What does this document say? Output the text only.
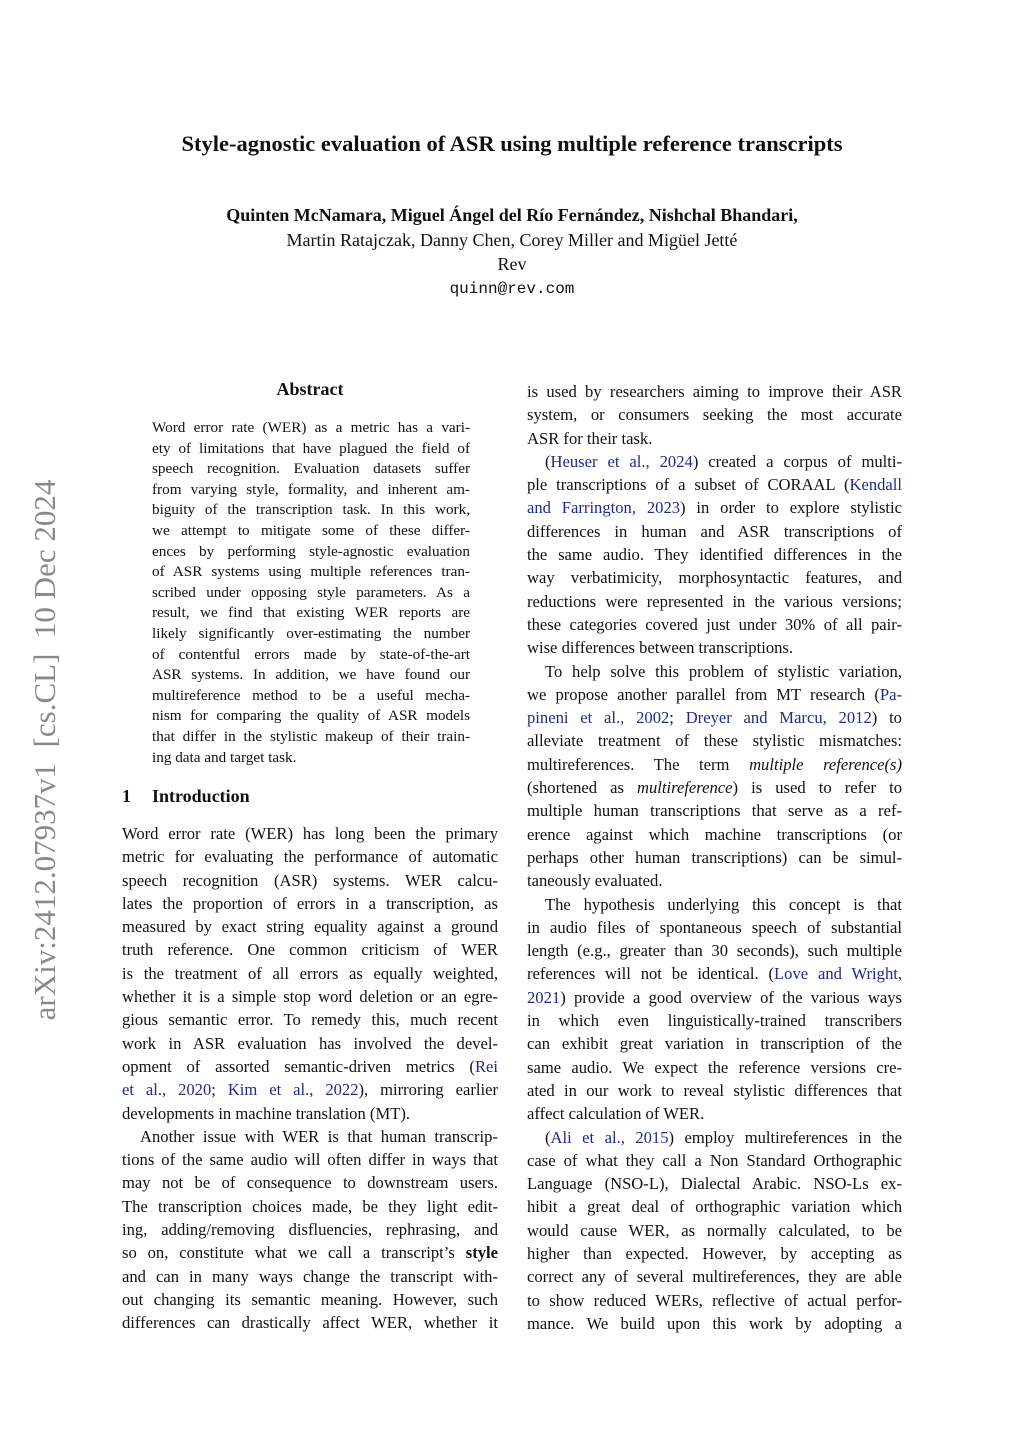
arXiv:2412.07937v1  [cs.CL]  10 Dec 2024
Style-agnostic evaluation of ASR using multiple reference transcripts
Quinten McNamara, Miguel Ángel del Río Fernández, Nishchal Bhandari,
Martin Ratajczak, Danny Chen, Corey Miller and Migüel Jetté
Rev
quinn@rev.com
Abstract
Word error rate (WER) as a metric has a vari-
ety of limitations that have plagued the field of
speech recognition. Evaluation datasets suffer
from varying style, formality, and inherent am-
biguity of the transcription task. In this work,
we attempt to mitigate some of these differ-
ences by performing style-agnostic evaluation
of ASR systems using multiple references tran-
scribed under opposing style parameters. As a
result, we find that existing WER reports are
likely significantly over-estimating the number
of contentful errors made by state-of-the-art
ASR systems. In addition, we have found our
multireference method to be a useful mecha-
nism for comparing the quality of ASR models
that differ in the stylistic makeup of their train-
ing data and target task.
1 Introduction
Word error rate (WER) has long been the primary
metric for evaluating the performance of automatic
speech recognition (ASR) systems. WER calcu-
lates the proportion of errors in a transcription, as
measured by exact string equality against a ground
truth reference. One common criticism of WER
is the treatment of all errors as equally weighted,
whether it is a simple stop word deletion or an egre-
gious semantic error. To remedy this, much recent
work in ASR evaluation has involved the devel-
opment of assorted semantic-driven metrics (Rei
et al., 2020; Kim et al., 2022), mirroring earlier
developments in machine translation (MT).
Another issue with WER is that human transcrip-
tions of the same audio will often differ in ways that
may not be of consequence to downstream users.
The transcription choices made, be they light edit-
ing, adding/removing disfluencies, rephrasing, and
so on, constitute what we call a transcript’s style
and can in many ways change the transcript with-
out changing its semantic meaning. However, such
differences can drastically affect WER, whether it
is used by researchers aiming to improve their ASR
system, or consumers seeking the most accurate
ASR for their task.
(Heuser et al., 2024) created a corpus of multi-
ple transcriptions of a subset of CORAAL (Kendall
and Farrington, 2023) in order to explore stylistic
differences in human and ASR transcriptions of
the same audio. They identified differences in the
way verbatimicity, morphosyntactic features, and
reductions were represented in the various versions;
these categories covered just under 30% of all pair-
wise differences between transcriptions.
To help solve this problem of stylistic variation,
we propose another parallel from MT research (Pa-
pineni et al., 2002; Dreyer and Marcu, 2012) to
alleviate treatment of these stylistic mismatches:
multireferences. The term multiple reference(s)
(shortened as multireference) is used to refer to
multiple human transcriptions that serve as a ref-
erence against which machine transcriptions (or
perhaps other human transcriptions) can be simul-
taneously evaluated.
The hypothesis underlying this concept is that
in audio files of spontaneous speech of substantial
length (e.g., greater than 30 seconds), such multiple
references will not be identical. (Love and Wright,
2021) provide a good overview of the various ways
in which even linguistically-trained transcribers
can exhibit great variation in transcription of the
same audio. We expect the reference versions cre-
ated in our work to reveal stylistic differences that
affect calculation of WER.
(Ali et al., 2015) employ multireferences in the
case of what they call a Non Standard Orthographic
Language (NSO-L), Dialectal Arabic. NSO-Ls ex-
hibit a great deal of orthographic variation which
would cause WER, as normally calculated, to be
higher than expected. However, by accepting as
correct any of several multireferences, they are able
to show reduced WERs, reflective of actual perfor-
mance. We build upon this work by adopting a
